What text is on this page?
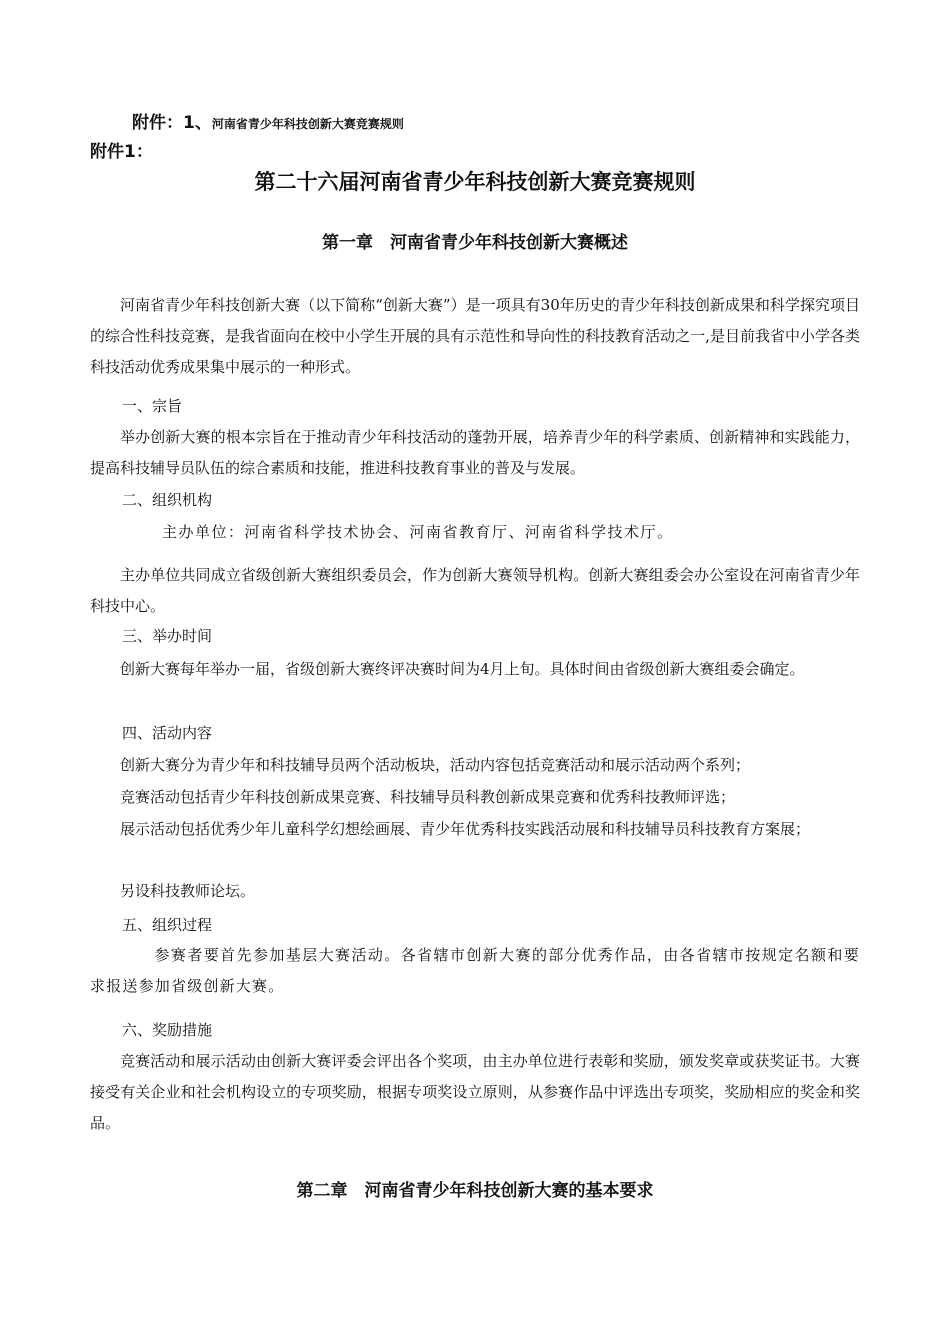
附件：1、河南省青少年科技创新大赛竞赛规则
附件1：
第二十六届河南省青少年科技创新大赛竞赛规则
第一章　河南省青少年科技创新大赛概述
河南省青少年科技创新大赛（以下简称“创新大赛”）是一项具有30年历史的青少年科技创新成果和科学探究项目的综合性科技竞赛，是我省面向在校中小学生开展的具有示范性和导向性的科技教育活动之一,是目前我省中小学各类科技活动优秀成果集中展示的一种形式。
一、宗旨
举办创新大赛的根本宗旨在于推动青少年科技活动的蓬勃开展，培养青少年的科学素质、创新精神和实践能力，提高科技辅导员队伍的综合素质和技能，推进科技教育事业的普及与发展。
二、组织机构
主办单位：河南省科学技术协会、河南省教育厅、河南省科学技术厅。
主办单位共同成立省级创新大赛组织委员会，作为创新大赛领导机构。创新大赛组委会办公室设在河南省青少年科技中心。
三、举办时间
创新大赛每年举办一届，省级创新大赛终评决赛时间为4月上旬。具体时间由省级创新大赛组委会确定。
四、活动内容
创新大赛分为青少年和科技辅导员两个活动板块，活动内容包括竞赛活动和展示活动两个系列；
竞赛活动包括青少年科技创新成果竞赛、科技辅导员科教创新成果竞赛和优秀科技教师评选；
展示活动包括优秀少年儿童科学幻想绘画展、青少年优秀科技实践活动展和科技辅导员科技教育方案展；
另设科技教师论坛。
五、组织过程
参赛者要首先参加基层大赛活动。各省辖市创新大赛的部分优秀作品，由各省辖市按规定名额和要求报送参加省级创新大赛。
六、奖励措施
竞赛活动和展示活动由创新大赛评委会评出各个奖项，由主办单位进行表彰和奖励，颁发奖章或获奖证书。大赛接受有关企业和社会机构设立的专项奖励，根据专项奖设立原则，从参赛作品中评选出专项奖，奖励相应的奖金和奖品。
第二章　河南省青少年科技创新大赛的基本要求
